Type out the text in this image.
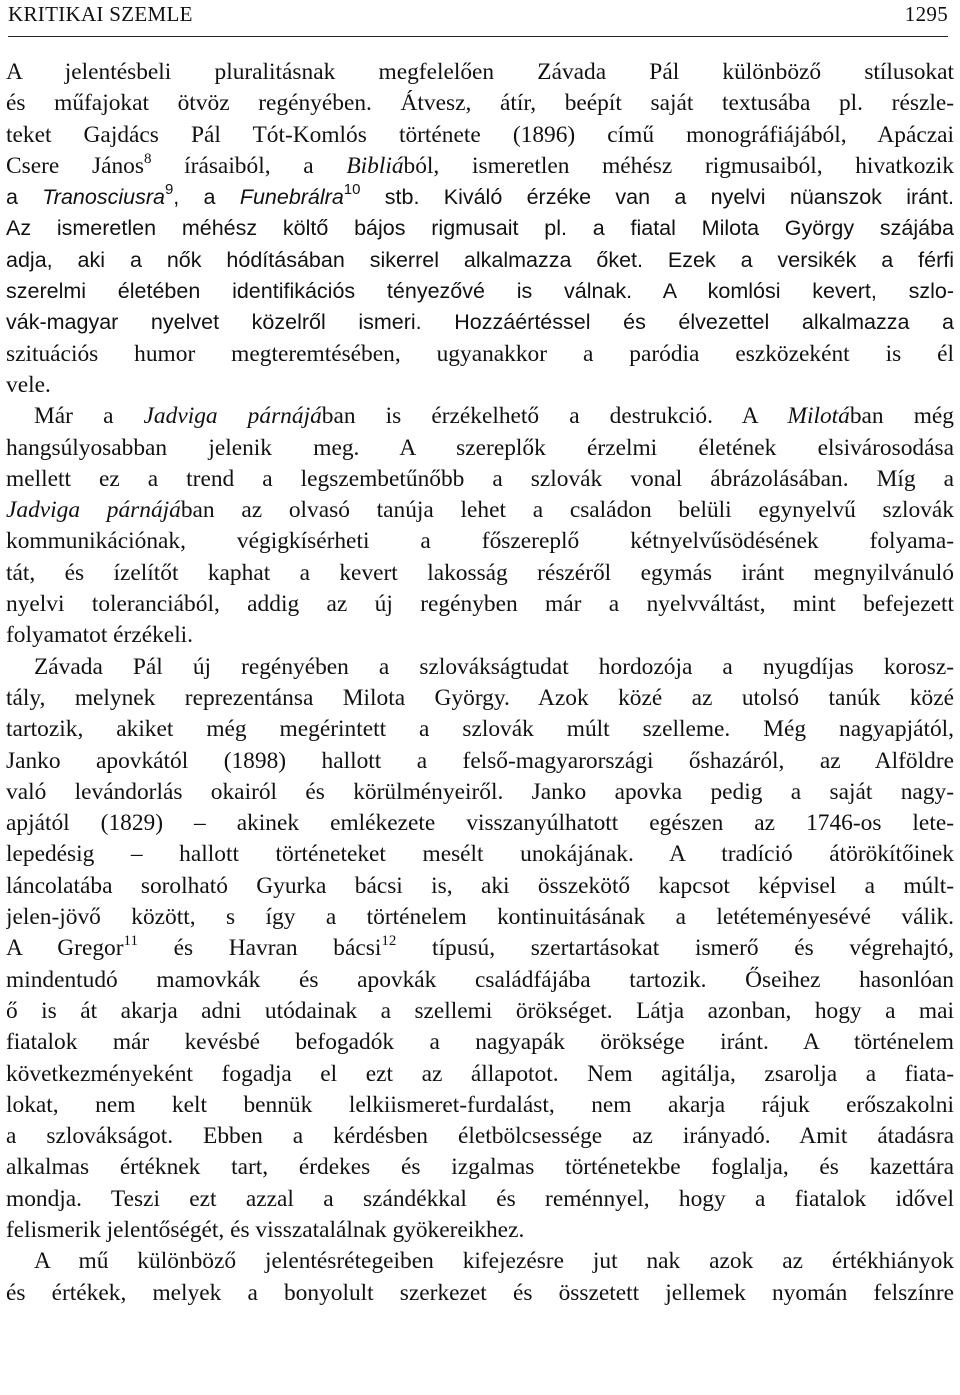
KRITIKAI SZEMLE	1295
A jelentésbeli pluralitásnak megfelelően Závada Pál különböző stílusokat
és műfajokat ötvöz regényében. Átvesz, átír, beépít saját textusába pl. részle-
teket Gajdács Pál Tót-Komlós története (1896) című monográfiájából, Apáczai
Csere János$^8$ írásaiból, a Bibliából, ismeretlen méhész rigmusaiból, hivatkozik
a Tranosciusra$^9$, a Funebrálra$^{10}$ stb. Kiváló érzéke van a nyelvi nüanszok iránt.
Az ismeretlen méhész költő bájos rigmusait pl. a fiatal Milota György szájába
adja, aki a nők hódításában sikerrel alkalmazza őket. Ezek a versikék a férfi
szerelmi életében identifikációs tényezővé is válnak. A komlósi kevert, szlo-
vák-magyar nyelvet közelről ismeri. Hozzáértéssel és élvezettel alkalmazza a
szituációs humor megteremtésében, ugyanakkor a paródia eszközeként is él
vele.
Már a Jadviga párnájában is érzékelhető a destrukció. A Milotában még
hangsúlyosabban jelenik meg. A szereplők érzelmi életének elsivárosodása
mellett ez a trend a legszembetűnőbb a szlovák vonal ábrázolásában. Míg a
Jadviga párnájában az olvasó tanúja lehet a családon belüli egynyelvű szlovák
kommunikációnak, végigkísérheti a főszereplő kétnyelvűsödésének folyama-
tát, és ízelítőt kaphat a kevert lakosság részéről egymás iránt megnyilvánuló
nyelvi toleranciából, addig az új regényben már a nyelvváltást, mint befejezett
folyamatot érzékeli.
Závada Pál új regényében a szlovákságtudat hordozója a nyugdíjas korosz-
tály, melynek reprezentánsa Milota György. Azok közé az utolsó tanúk közé
tartozik, akiket még megérintett a szlovák múlt szelleme. Még nagyapjától,
Janko apovkától (1898) hallott a felső-magyarországi őshazáról, az Alföldre
való levándorlás okairól és körülményeiről. Janko apovka pedig a saját nagy-
apjától (1829) – akinek emlékezete visszanyúlhatott egészen az 1746-os lete-
lepedésig – hallott történeteket mesélt unokájának. A tradíció átörökítőinek
láncolatába sorolható Gyurka bácsi is, aki összekötő kapcsot képvisel a múlt-
jelen-jövő között, s így a történelem kontinuitásának a letéteményesévé válik.
A Gregor$^{11}$ és Havran bácsi$^{12}$ típusú, szertartásokat ismerő és végrehajtó,
mindentudó mamovkák és apovkák családfájába tartozik. Őseihez hasonlóan
ő is át akarja adni utódainak a szellemi örökséget. Látja azonban, hogy a mai
fiatalok már kevésbé befogadók a nagyapák öröksége iránt. A történelem
következményeként fogadja el ezt az állapotot. Nem agitálja, zsarolja a fiata-
lokat, nem kelt bennük lelkiismeret-furdalást, nem akarja rájuk erőszakolni
a szlovákságot. Ebben a kérdésben életbölcsessége az irányadó. Amit átadásra
alkalmas értéknek tart, érdekes és izgalmas történetekbe foglalja, és kazettára
mondja. Teszi ezt azzal a szándékkal és reménnyel, hogy a fiatalok idővel
felismerik jelentőségét, és visszatalálnak gyökereikhez.
A mű különböző jelentésrétegeiben kifejezésre jut nak azok az értékhiányok
és értékek, melyek a bonyolult szerkezet és összetett jellemek nyomán felszínre
